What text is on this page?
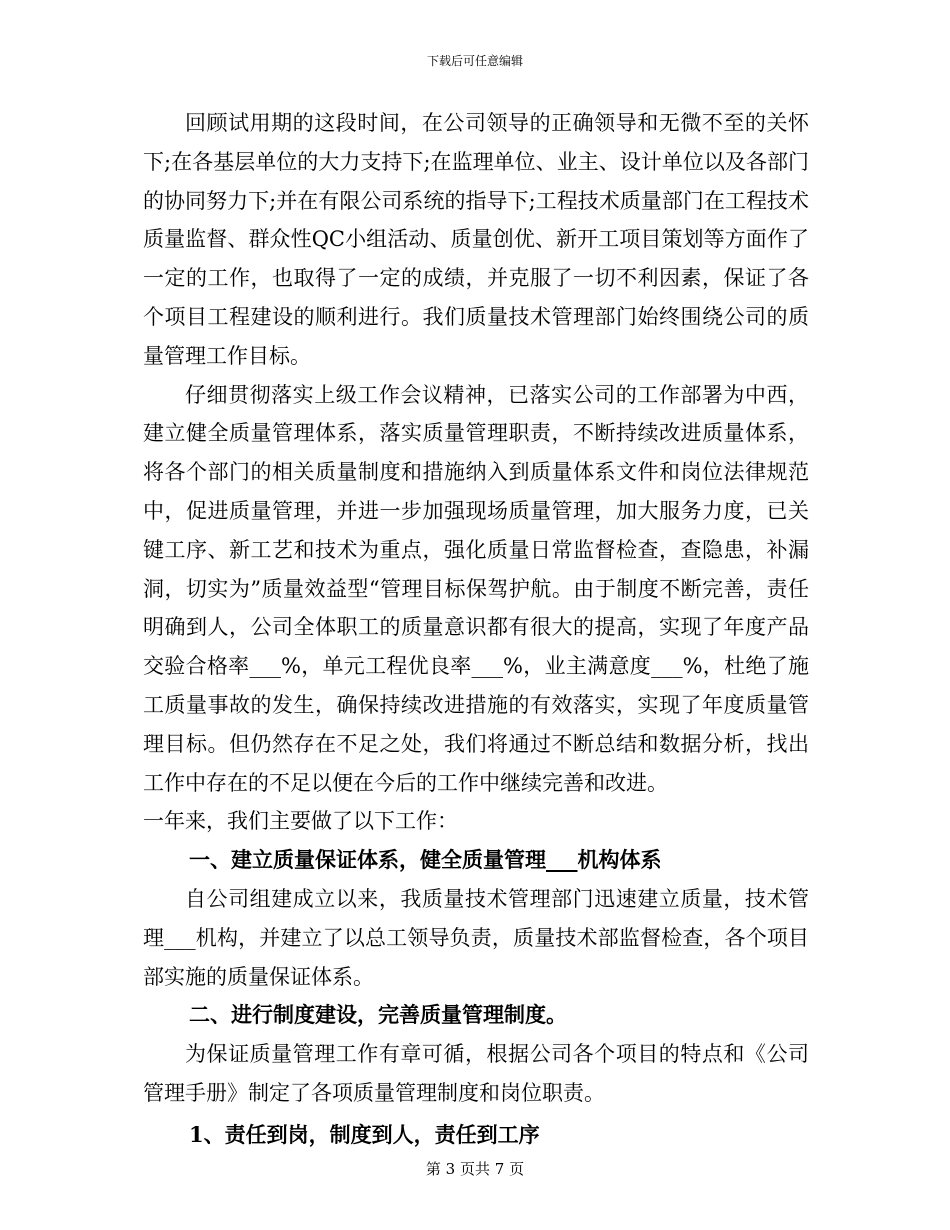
下载后可任意编辑

回顾试用期的这段时间，在公司领导的正确领导和无微不至的关怀下;在各基层单位的大力支持下;在监理单位、业主、设计单位以及各部门的协同努力下;并在有限公司系统的指导下;工程技术质量部门在工程技术质量监督、群众性QC小组活动、质量创优、新开工项目策划等方面作了一定的工作，也取得了一定的成绩，并克服了一切不利因素，保证了各个项目工程建设的顺利进行。我们质量技术管理部门始终围绕公司的质量管理工作目标。

仔细贯彻落实上级工作会议精神，已落实公司的工作部署为中西，建立健全质量管理体系，落实质量管理职责，不断持续改进质量体系，将各个部门的相关质量制度和措施纳入到质量体系文件和岗位法律规范中，促进质量管理，并进一步加强现场质量管理，加大服务力度，已关键工序、新工艺和技术为重点，强化质量日常监督检查，查隐患，补漏洞，切实为”质量效益型“管理目标保驾护航。由于制度不断完善，责任明确到人，公司全体职工的质量意识都有很大的提高，实现了年度产品交验合格率___%，单元工程优良率___%，业主满意度___%，杜绝了施工质量事故的发生，确保持续改进措施的有效落实，实现了年度质量管理目标。但仍然存在不足之处，我们将通过不断总结和数据分析，找出工作中存在的不足以便在今后的工作中继续完善和改进。

一年来，我们主要做了以下工作：

一、建立质量保证体系，健全质量管理___机构体系

自公司组建成立以来，我质量技术管理部门迅速建立质量，技术管理___机构，并建立了以总工领导负责，质量技术部监督检查，各个项目部实施的质量保证体系。

二、进行制度建设，完善质量管理制度。

为保证质量管理工作有章可循，根据公司各个项目的特点和《公司管理手册》制定了各项质量管理制度和岗位职责。

1、责任到岗，制度到人，责任到工序
第 3 页共 7 页
